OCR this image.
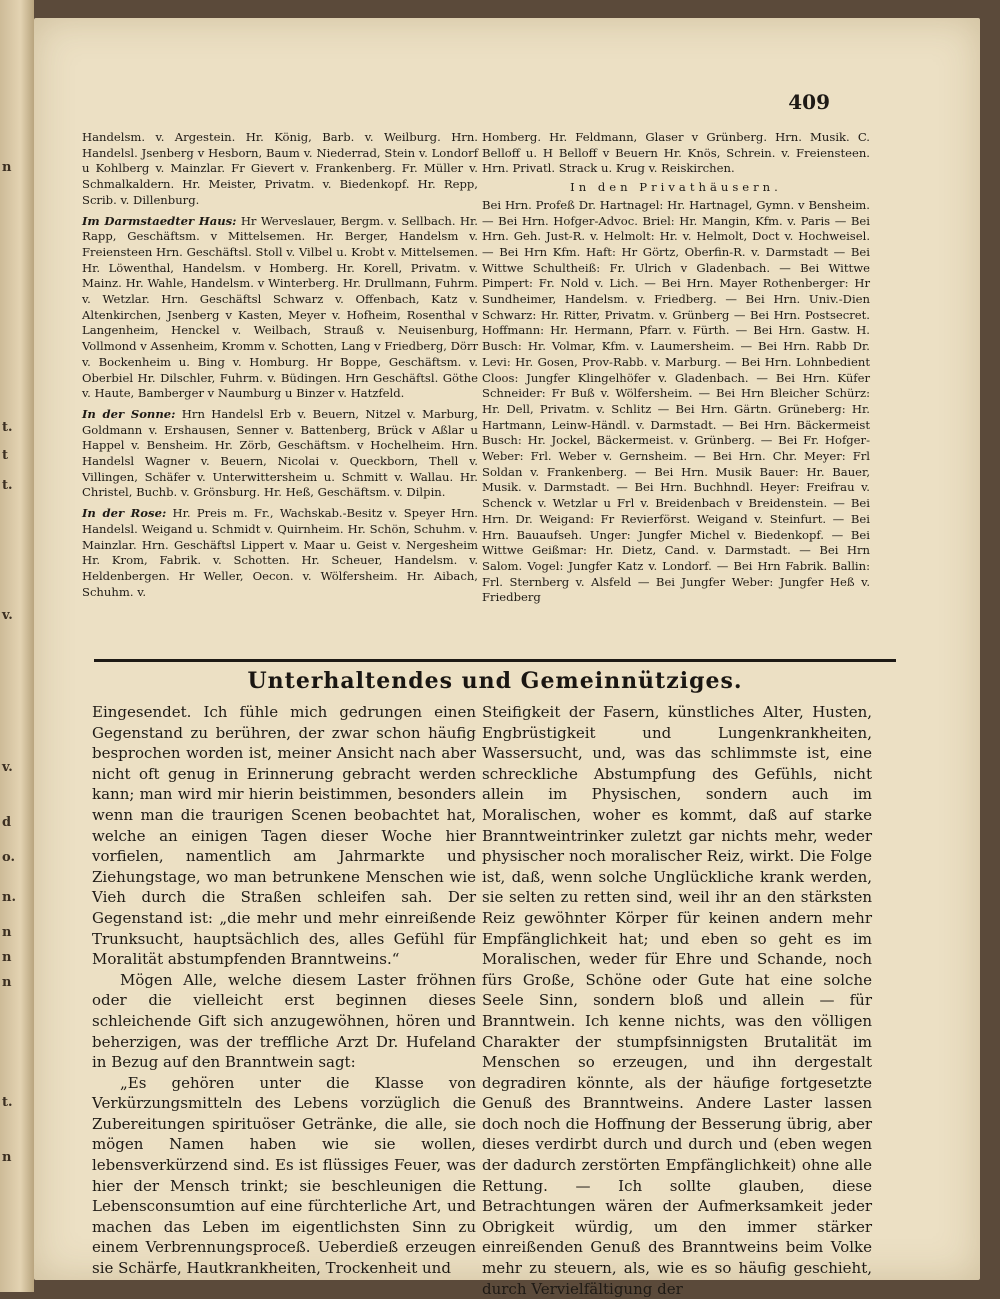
n
t.
t
t.
v.
v.
d
o.
n.
n
n
n
t.
n
409

Handelsm. v. Argestein. Hr. König, Barb. v. Weilburg. Hrn. Handelsl. Jsenberg v Hesborn, Baum v. Niederrad, Stein v. Londorf u Kohlberg v. Mainzlar. Fr Gievert v. Frankenberg. Fr. Müller v. Schmalkaldern. Hr. Meister, Privatm. v. Biedenkopf. Hr. Repp, Scrib. v. Dillenburg.

Im Darmstaedter Haus: Hr Werveslauer, Bergm. v. Sellbach. Hr. Rapp, Geschäftsm. v Mittelsemen. Hr. Berger, Handelsm v. Freiensteen Hrn. Geschäftsl. Stoll v. Vilbel u. Krobt v. Mittelsemen. Hr. Löwenthal, Handelsm. v Homberg. Hr. Korell, Privatm. v. Mainz. Hr. Wahle, Handelsm. v Winterberg. Hr. Drullmann, Fuhrm. v. Wetzlar. Hrn. Geschäftsl Schwarz v. Offenbach, Katz v. Altenkirchen, Jsenberg v Kasten, Meyer v. Hofheim, Rosenthal v Langenheim, Henckel v. Weilbach, Strauß v. Neuisenburg, Vollmond v Assenheim, Kromm v. Schotten, Lang v Friedberg, Dörr v. Bockenheim u. Bing v. Homburg. Hr Boppe, Geschäftsm. v. Oberbiel Hr. Dilschler, Fuhrm. v. Büdingen. Hrn Geschäftsl. Göthe v. Haute, Bamberger v Naumburg u Binzer v. Hatzfeld.

In der Sonne: Hrn Handelsl Erb v. Beuern, Nitzel v. Marburg, Goldmann v. Ershausen, Senner v. Battenberg, Brück v Aßlar u Happel v. Bensheim. Hr. Zörb, Geschäftsm. v Hochelheim. Hrn. Handelsl Wagner v. Beuern, Nicolai v. Queckborn, Thell v. Villingen, Schäfer v. Unterwittersheim u. Schmitt v. Wallau. Hr. Christel, Buchb. v. Grönsburg. Hr. Heß, Geschäftsm. v. Dilpin.

In der Rose: Hr. Preis m. Fr., Wachskab.-Besitz v. Speyer Hrn. Handelsl. Weigand u. Schmidt v. Quirnheim. Hr. Schön, Schuhm. v. Mainzlar. Hrn. Geschäftsl Lippert v. Maar u. Geist v. Nergesheim Hr. Krom, Fabrik. v. Schotten. Hr. Scheuer, Handelsm. v. Heldenbergen. Hr Weller, Oecon. v. Wölfersheim. Hr. Aibach, Schuhm. v.

Homberg. Hr. Feldmann, Glaser v Grünberg. Hrn. Musik. C. Belloff u. H Belloff v Beuern Hr. Knös, Schrein. v. Freiensteen. Hrn. Privatl. Strack u. Krug v. Reiskirchen.

In den Privathäusern.

Bei Hrn. Profeß Dr. Hartnagel: Hr. Hartnagel, Gymn. v Bensheim. — Bei Hrn. Hofger-Advoc. Briel: Hr. Mangin, Kfm. v. Paris — Bei Hrn. Geh. Just-R. v. Helmolt: Hr. v. Helmolt, Doct v. Hochweisel. — Bei Hrn Kfm. Haft: Hr Görtz, Oberfin-R. v. Darmstadt — Bei Wittwe Schultheiß: Fr. Ulrich v Gladenbach. — Bei Wittwe Pimpert: Fr. Nold v. Lich. — Bei Hrn. Mayer Rothenberger: Hr Sundheimer, Handelsm. v. Friedberg. — Bei Hrn. Univ.-Dien Schwarz: Hr. Ritter, Privatm. v. Grünberg — Bei Hrn. Postsecret. Hoffmann: Hr. Hermann, Pfarr. v. Fürth. — Bei Hrn. Gastw. H. Busch: Hr. Volmar, Kfm. v. Laumersheim. — Bei Hrn. Rabb Dr. Levi: Hr. Gosen, Prov-Rabb. v. Marburg. — Bei Hrn. Lohnbedient Cloos: Jungfer Klingelhöfer v. Gladenbach. — Bei Hrn. Küfer Schneider: Fr Buß v. Wölfersheim. — Bei Hrn Bleicher Schürz: Hr. Dell, Privatm. v. Schlitz — Bei Hrn. Gärtn. Grüneberg: Hr. Hartmann, Leinw-Händl. v. Darmstadt. — Bei Hrn. Bäckermeist Busch: Hr. Jockel, Bäckermeist. v. Grünberg. — Bei Fr. Hofger-Weber: Frl. Weber v. Gernsheim. — Bei Hrn. Chr. Meyer: Frl Soldan v. Frankenberg. — Bei Hrn. Musik Bauer: Hr. Bauer, Musik. v. Darmstadt. — Bei Hrn. Buchhndl. Heyer: Freifrau v. Schenck v. Wetzlar u Frl v. Breidenbach v Breidenstein. — Bei Hrn. Dr. Weigand: Fr Revierförst. Weigand v. Steinfurt. — Bei Hrn. Bauaufseh. Unger: Jungfer Michel v. Biedenkopf. — Bei Wittwe Geißmar: Hr. Dietz, Cand. v. Darmstadt. — Bei Hrn Salom. Vogel: Jungfer Katz v. Londorf. — Bei Hrn Fabrik. Ballin: Frl. Sternberg v. Alsfeld — Bei Jungfer Weber: Jungfer Heß v. Friedberg

Unterhaltendes und Gemeinnütziges.

Eingesendet. Ich fühle mich gedrungen einen Gegenstand zu berühren, der zwar schon häufig besprochen worden ist, meiner Ansicht nach aber nicht oft genug in Erinnerung gebracht werden kann; man wird mir hierin beistimmen, besonders wenn man die traurigen Scenen beobachtet hat, welche an einigen Tagen dieser Woche hier vorfielen, namentlich am Jahrmarkte und Ziehungstage, wo man betrunkene Menschen wie Vieh durch die Straßen schleifen sah. Der Gegenstand ist: „die mehr und mehr einreißende Trunksucht, hauptsächlich des, alles Gefühl für Moralität abstumpfenden Branntweins.“

Mögen Alle, welche diesem Laster fröhnen oder die vielleicht erst beginnen dieses schleichende Gift sich anzugewöhnen, hören und beherzigen, was der treffliche Arzt Dr. Hufeland in Bezug auf den Branntwein sagt:

„Es gehören unter die Klasse von Verkürzungsmitteln des Lebens vorzüglich die Zubereitungen spirituöser Getränke, die alle, sie mögen Namen haben wie sie wollen, lebensverkürzend sind. Es ist flüssiges Feuer, was hier der Mensch trinkt; sie beschleunigen die Lebensconsumtion auf eine fürchterliche Art, und machen das Leben im eigentlichsten Sinn zu einem Verbrennungsproceß. Ueberdieß erzeugen sie Schärfe, Hautkrankheiten, Trockenheit und

Steifigkeit der Fasern, künstliches Alter, Husten, Engbrüstigkeit und Lungenkrankheiten, Wassersucht, und, was das schlimmste ist, eine schreckliche Abstumpfung des Gefühls, nicht allein im Physischen, sondern auch im Moralischen, woher es kommt, daß auf starke Branntweintrinker zuletzt gar nichts mehr, weder physischer noch moralischer Reiz, wirkt. Die Folge ist, daß, wenn solche Unglückliche krank werden, sie selten zu retten sind, weil ihr an den stärksten Reiz gewöhnter Körper für keinen andern mehr Empfänglichkeit hat; und eben so geht es im Moralischen, weder für Ehre und Schande, noch fürs Große, Schöne oder Gute hat eine solche Seele Sinn, sondern bloß und allein — für Branntwein. Ich kenne nichts, was den völligen Charakter der stumpfsinnigsten Brutalität im Menschen so erzeugen, und ihn dergestalt degradiren könnte, als der häufige fortgesetzte Genuß des Branntweins. Andere Laster lassen doch noch die Hoffnung der Besserung übrig, aber dieses verdirbt durch und durch und (eben wegen der dadurch zerstörten Empfänglichkeit) ohne alle Rettung. — Ich sollte glauben, diese Betrachtungen wären der Aufmerksamkeit jeder Obrigkeit würdig, um den immer stärker einreißenden Genuß des Branntweins beim Volke mehr zu steuern, als, wie es so häufig geschieht, durch Vervielfältigung der
